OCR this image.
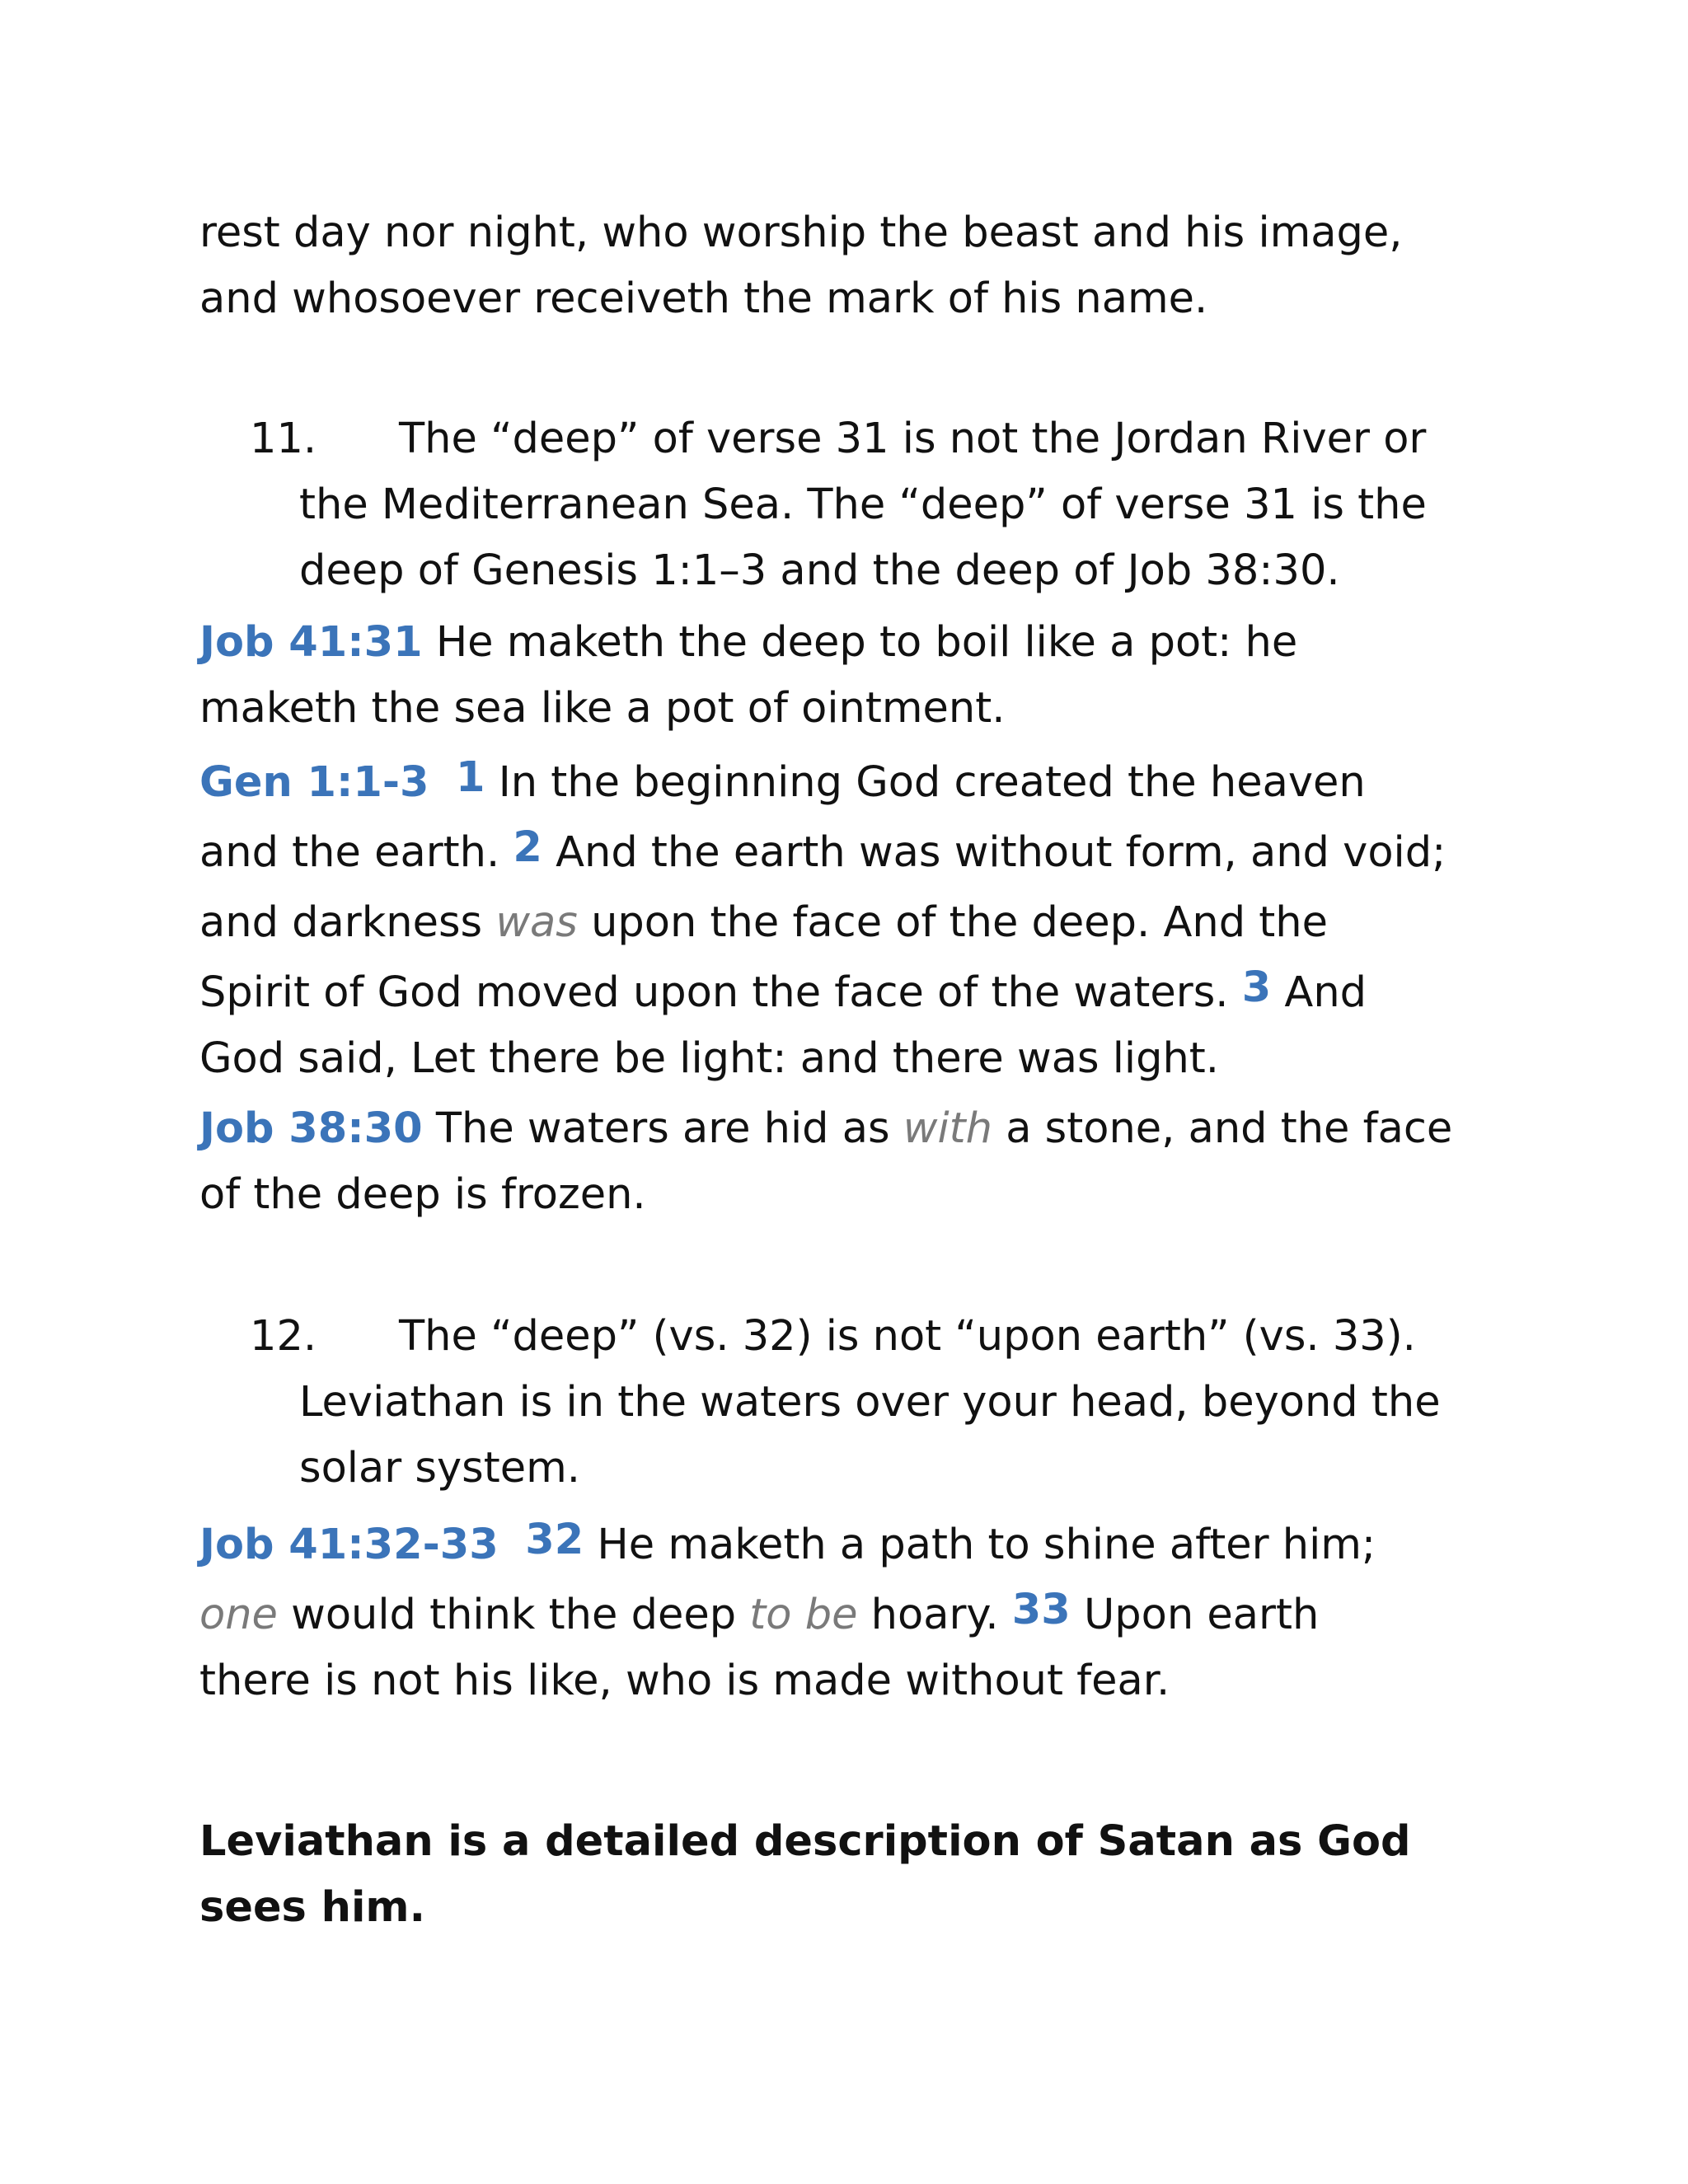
rest day nor night, who worship the beast and his image,
and whosoever receiveth the mark of his name.
11. The “deep” of verse 31 is not the Jordan River or
the Mediterranean Sea. The “deep” of verse 31 is the
deep of Genesis 1:1–3 and the deep of Job 38:30.
Job 41:31 He maketh the deep to boil like a pot: he
maketh the sea like a pot of ointment.
Gen 1:1-3 1 In the beginning God created the heaven
and the earth. 2 And the earth was without form, and void;
and darkness was upon the face of the deep. And the
Spirit of God moved upon the face of the waters. 3 And
God said, Let there be light: and there was light.
Job 38:30 The waters are hid as with a stone, and the face
of the deep is frozen.
12. The “deep” (vs. 32) is not “upon earth” (vs. 33).
Leviathan is in the waters over your head, beyond the
solar system.
Job 41:32-33 32 He maketh a path to shine after him;
one would think the deep to be hoary. 33 Upon earth
there is not his like, who is made without fear.
Leviathan is a detailed description of Satan as God
sees him.
